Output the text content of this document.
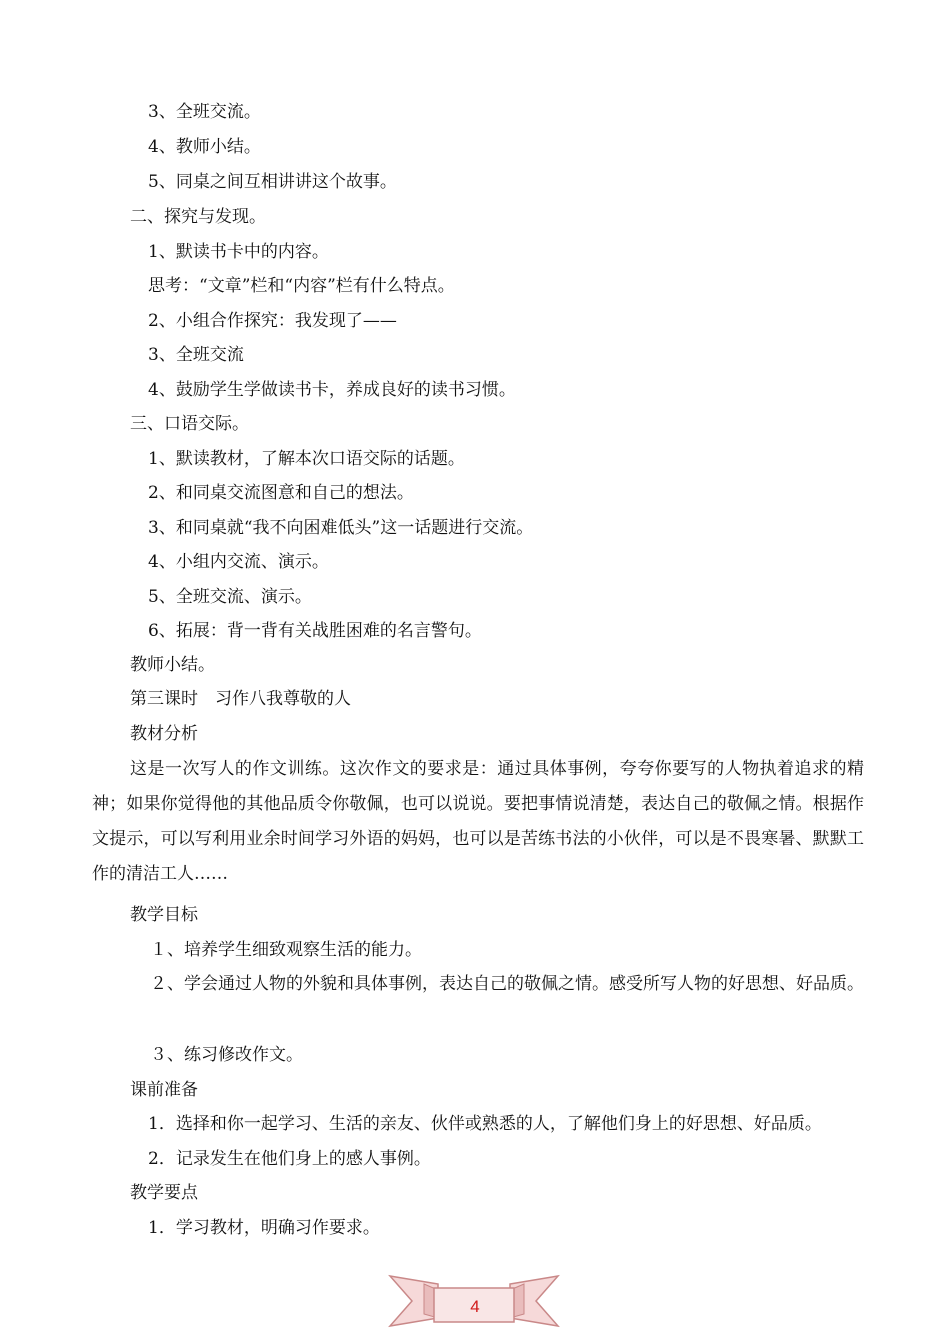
3、全班交流。
4、教师小结。
5、同桌之间互相讲讲这个故事。
二、探究与发现。
1、默读书卡中的内容。
思考：“文章”栏和“内容”栏有什么特点。
2、小组合作探究：我发现了——
3、全班交流
4、鼓励学生学做读书卡，养成良好的读书习惯。
三、口语交际。
1、默读教材，了解本次口语交际的话题。
2、和同桌交流图意和自己的想法。
3、和同桌就“我不向困难低头”这一话题进行交流。
4、小组内交流、演示。
5、全班交流、演示。
6、拓展：背一背有关战胜困难的名言警句。
教师小结。
第三课时　习作八我尊敬的人
教材分析
这是一次写人的作文训练。这次作文的要求是：通过具体事例，夸夸你要写的人物执着追求的精神；如果你觉得他的其他品质令你敬佩，也可以说说。要把事情说清楚，表达自己的敬佩之情。根据作文提示，可以写利用业余时间学习外语的妈妈，也可以是苦练书法的小伙伴，可以是不畏寒暑、默默工作的清洁工人……
教学目标
１、培养学生细致观察生活的能力。
２、学会通过人物的外貌和具体事例，表达自己的敬佩之情。感受所写人物的好思想、好品质。
３、练习修改作文。
课前准备
1．选择和你一起学习、生活的亲友、伙伴或熟悉的人，了解他们身上的好思想、好品质。
2．记录发生在他们身上的感人事例。
教学要点
1．学习教材，明确习作要求。
4
